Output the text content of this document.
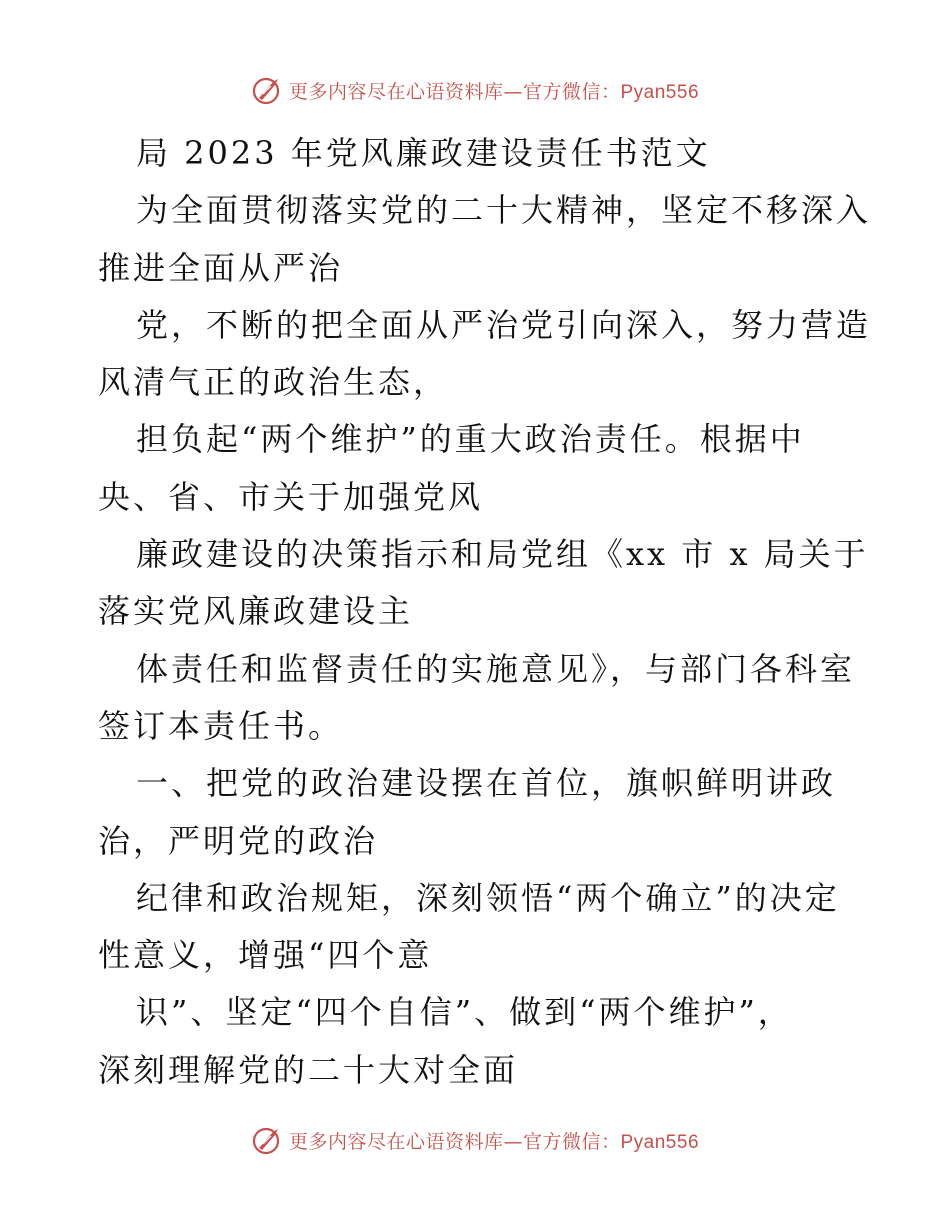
更多内容尽在心语资料库—官方微信：Pyan556
局 2023 年党风廉政建设责任书范文
为全面贯彻落实党的二十大精神，坚定不移深入
推进全面从严治
党，不断的把全面从严治党引向深入，努力营造
风清气正的政治生态，
担负起“两个维护”的重大政治责任。根据中
央、省、市关于加强党风
廉政建设的决策指示和局党组《xx 市 x 局关于
落实党风廉政建设主
体责任和监督责任的实施意见》，与部门各科室
签订本责任书。
一、把党的政治建设摆在首位，旗帜鲜明讲政
治，严明党的政治
纪律和政治规矩，深刻领悟“两个确立”的决定
性意义，增强“四个意
识”、坚定“四个自信”、做到“两个维护”，
深刻理解党的二十大对全面
更多内容尽在心语资料库—官方微信：Pyan556
